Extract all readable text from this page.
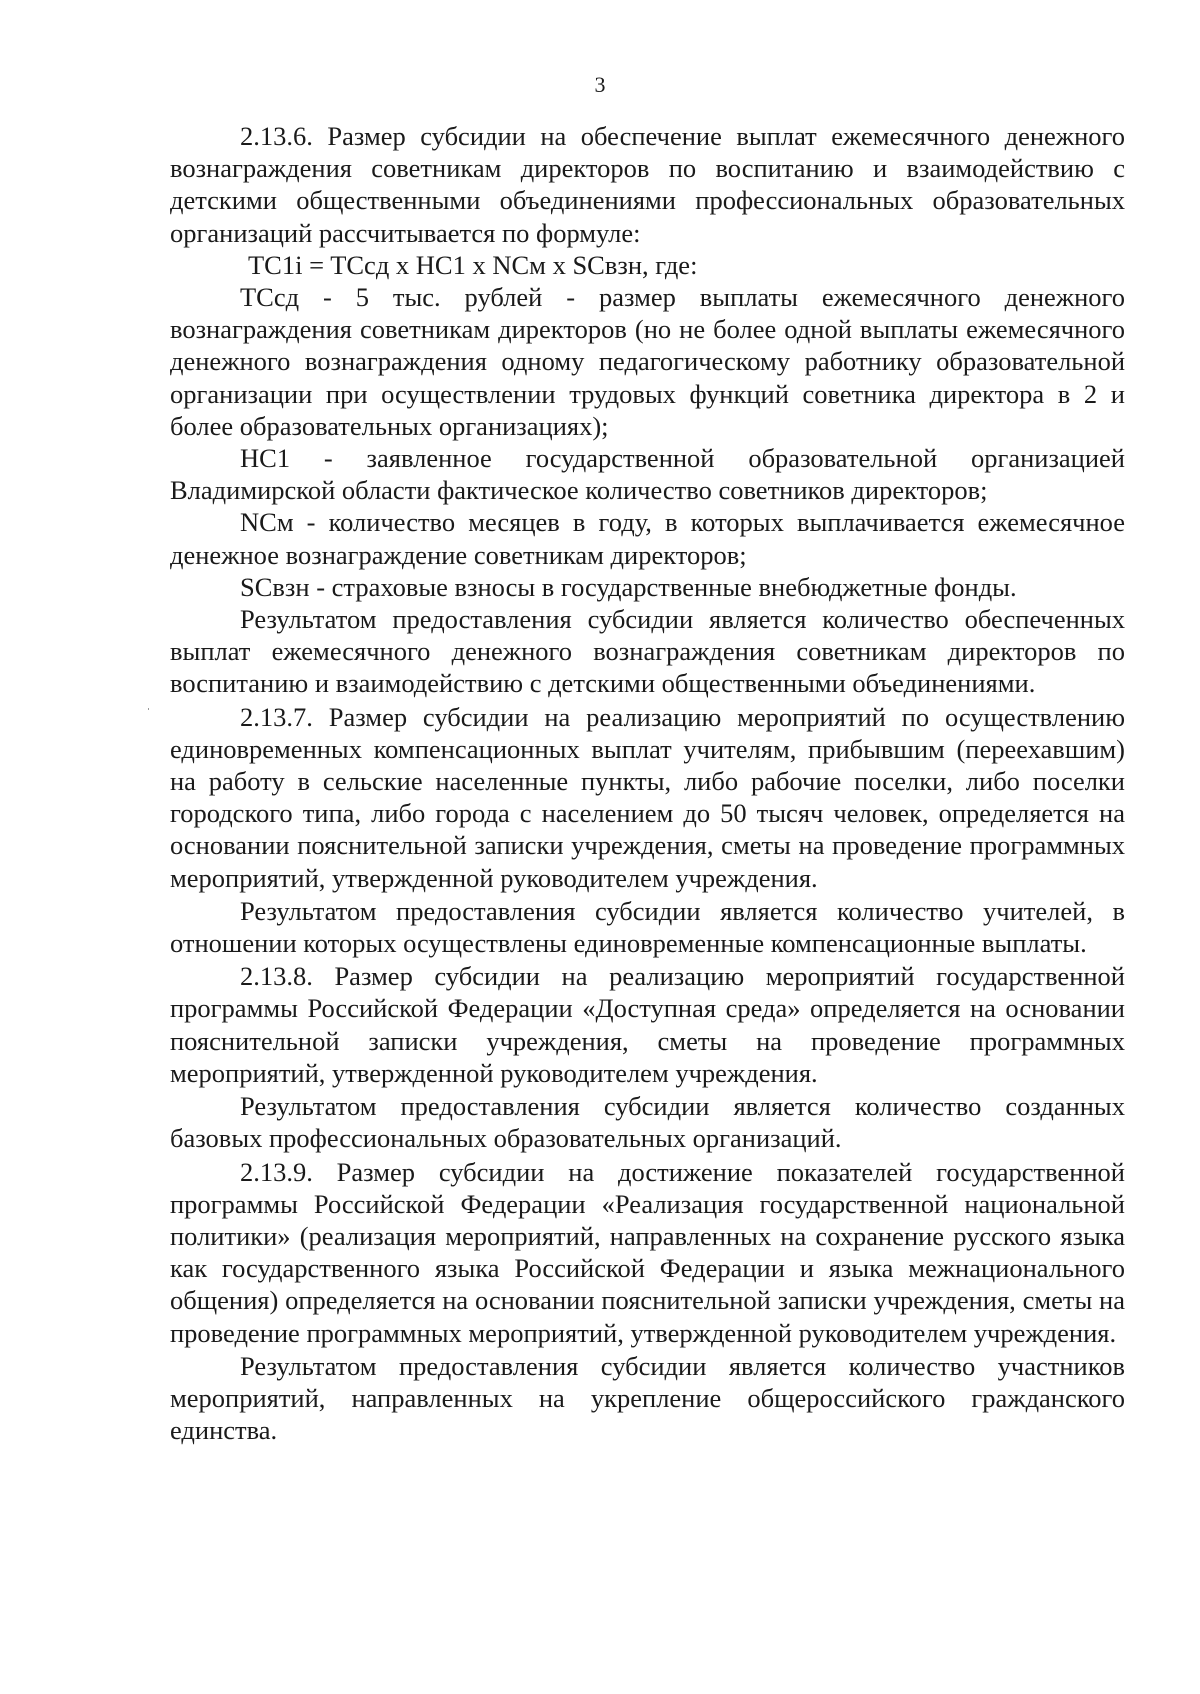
3

2.13.6. Размер субсидии на обеспечение выплат ежемесячного денежного вознаграждения советникам директоров по воспитанию и взаимодействию с детскими общественными объединениями профессиональных образовательных организаций рассчитывается по формуле:

TC1i = TCсд x HC1 x NCм x SCвзн, где:

TCсд - 5 тыс. рублей - размер выплаты ежемесячного денежного вознаграждения советникам директоров (но не более одной выплаты ежемесячного денежного вознаграждения одному педагогическому работнику образовательной организации при осуществлении трудовых функций советника директора в 2 и более образовательных организациях);

HC1 - заявленное государственной образовательной организацией Владимирской области фактическое количество советников директоров;

NCм - количество месяцев в году, в которых выплачивается ежемесячное денежное вознаграждение советникам директоров;

SCвзн - страховые взносы в государственные внебюджетные фонды.

Результатом предоставления субсидии является количество обеспеченных выплат ежемесячного денежного вознаграждения советникам директоров по воспитанию и взаимодействию с детскими общественными объединениями.

2.13.7. Размер субсидии на реализацию мероприятий по осуществлению единовременных компенсационных выплат учителям, прибывшим (переехавшим) на работу в сельские населенные пункты, либо рабочие поселки, либо поселки городского типа, либо города с населением до 50 тысяч человек, определяется на основании пояснительной записки учреждения, сметы на проведение программных мероприятий, утвержденной руководителем учреждения.

Результатом предоставления субсидии является количество учителей, в отношении которых осуществлены единовременные компенсационные выплаты.

2.13.8. Размер субсидии на реализацию мероприятий государственной программы Российской Федерации «Доступная среда» определяется на основании пояснительной записки учреждения, сметы на проведение программных мероприятий, утвержденной руководителем учреждения.

Результатом предоставления субсидии является количество созданных базовых профессиональных образовательных организаций.

2.13.9. Размер субсидии на достижение показателей государственной программы Российской Федерации «Реализация государственной национальной политики» (реализация мероприятий, направленных на сохранение русского языка как государственного языка Российской Федерации и языка межнационального общения) определяется на основании пояснительной записки учреждения, сметы на проведение программных мероприятий, утвержденной руководителем учреждения.

Результатом предоставления субсидии является количество участников мероприятий, направленных на укрепление общероссийского гражданского единства.
